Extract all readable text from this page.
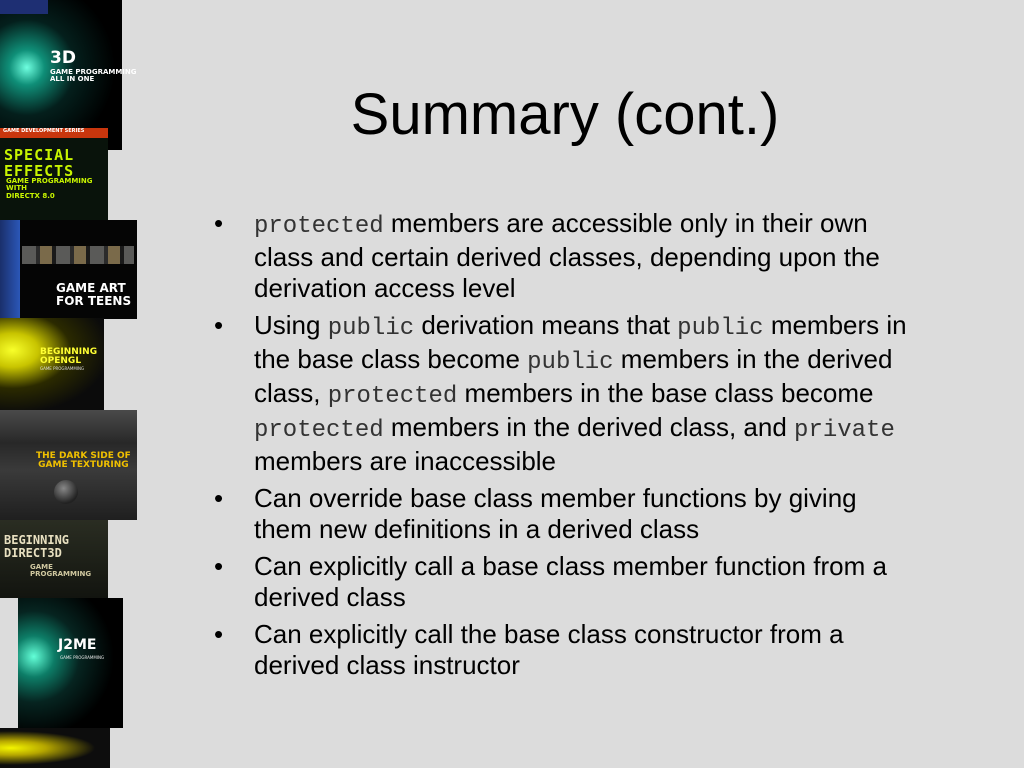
3D
GAME PROGRAMMING
ALL IN ONE
GAME DEVELOPMENT SERIES
SPECIAL
EFFECTS
GAME PROGRAMMING
WITH
DIRECTX 8.0
GAME ART
FOR TEENS
BEGINNING
OPENGL
GAME PROGRAMMING
THE DARK SIDE OF
GAME TEXTURING
BEGINNING
DIRECT3D
GAME
PROGRAMMING
J2ME
GAME PROGRAMMING
Summary (cont.)
•	protected members are accessible only in their own class and certain derived classes, depending upon the derivation access level
•	Using public derivation means that public members in the base class become public members in the derived class, protected members in the base class become protected members in the derived class, and private members are inaccessible
•	Can override base class member functions by giving them new definitions in a derived class
•	Can explicitly call a base class member function from a derived class
•	Can explicitly call the base class constructor from a derived class instructor
